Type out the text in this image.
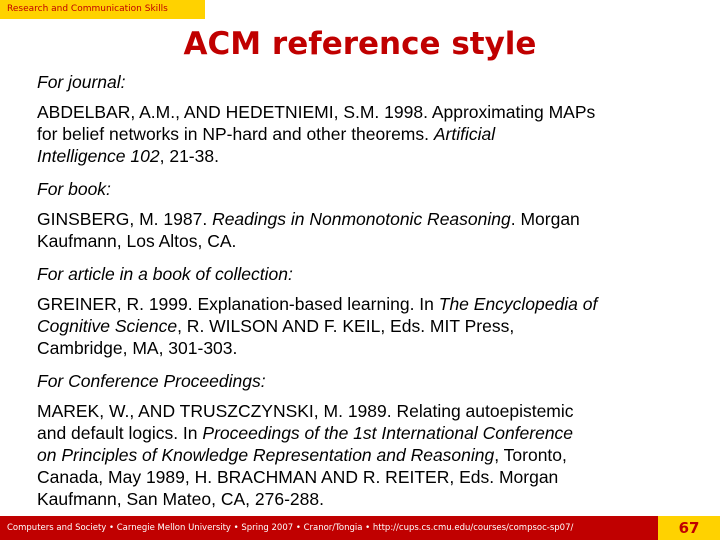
Research and Communication Skills
ACM reference style
For journal:
ABDELBAR, A.M., AND HEDETNIEMI, S.M. 1998. Approximating MAPs
for belief networks in NP-hard and other theorems. Artificial
Intelligence 102, 21-38.
For book:
GINSBERG, M. 1987. Readings in Nonmonotonic Reasoning. Morgan
Kaufmann, Los Altos, CA.
For article in a book of collection:
GREINER, R. 1999. Explanation-based learning. In The Encyclopedia of
Cognitive Science, R. WILSON AND F. KEIL, Eds. MIT Press,
Cambridge, MA, 301-303.
For Conference Proceedings:
MAREK, W., AND TRUSZCZYNSKI, M. 1989. Relating autoepistemic
and default logics. In Proceedings of the 1st International Conference
on Principles of Knowledge Representation and Reasoning, Toronto,
Canada, May 1989, H. BRACHMAN AND R. REITER, Eds. Morgan
Kaufmann, San Mateo, CA, 276-288.
Computers and Society • Carnegie Mellon University • Spring 2007 • Cranor/Tongia • http://cups.cs.cmu.edu/courses/compsoc-sp07/	67
